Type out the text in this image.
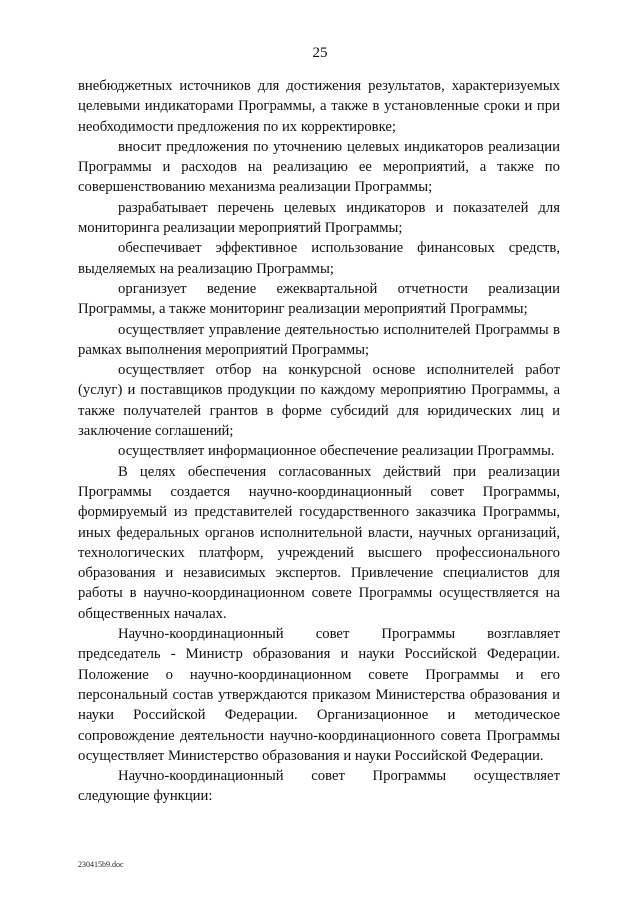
25

внебюджетных источников для достижения результатов, характеризуемых целевыми индикаторами Программы, а также в установленные сроки и при необходимости предложения по их корректировке;

вносит предложения по уточнению целевых индикаторов реализации Программы и расходов на реализацию ее мероприятий, а также по совершенствованию механизма реализации Программы;

разрабатывает перечень целевых индикаторов и показателей для мониторинга реализации мероприятий Программы;

обеспечивает эффективное использование финансовых средств, выделяемых на реализацию Программы;

организует ведение ежеквартальной отчетности реализации Программы, а также мониторинг реализации мероприятий Программы;

осуществляет управление деятельностью исполнителей Программы в рамках выполнения мероприятий Программы;

осуществляет отбор на конкурсной основе исполнителей работ (услуг) и поставщиков продукции по каждому мероприятию Программы, а также получателей грантов в форме субсидий для юридических лиц и заключение соглашений;

осуществляет информационное обеспечение реализации Программы.

В целях обеспечения согласованных действий при реализации Программы создается научно-координационный совет Программы, формируемый из представителей государственного заказчика Программы, иных федеральных органов исполнительной власти, научных организаций, технологических платформ, учреждений высшего профессионального образования и независимых экспертов. Привлечение специалистов для работы в научно-координационном совете Программы осуществляется на общественных началах.

Научно-координационный совет Программы возглавляет председатель - Министр образования и науки Российской Федерации. Положение о научно-координационном совете Программы и его персональный состав утверждаются приказом Министерства образования и науки Российской Федерации. Организационное и методическое сопровождение деятельности научно-координационного совета Программы осуществляет Министерство образования и науки Российской Федерации.

Научно-координационный совет Программы осуществляет следующие функции:

230415b9.doc
